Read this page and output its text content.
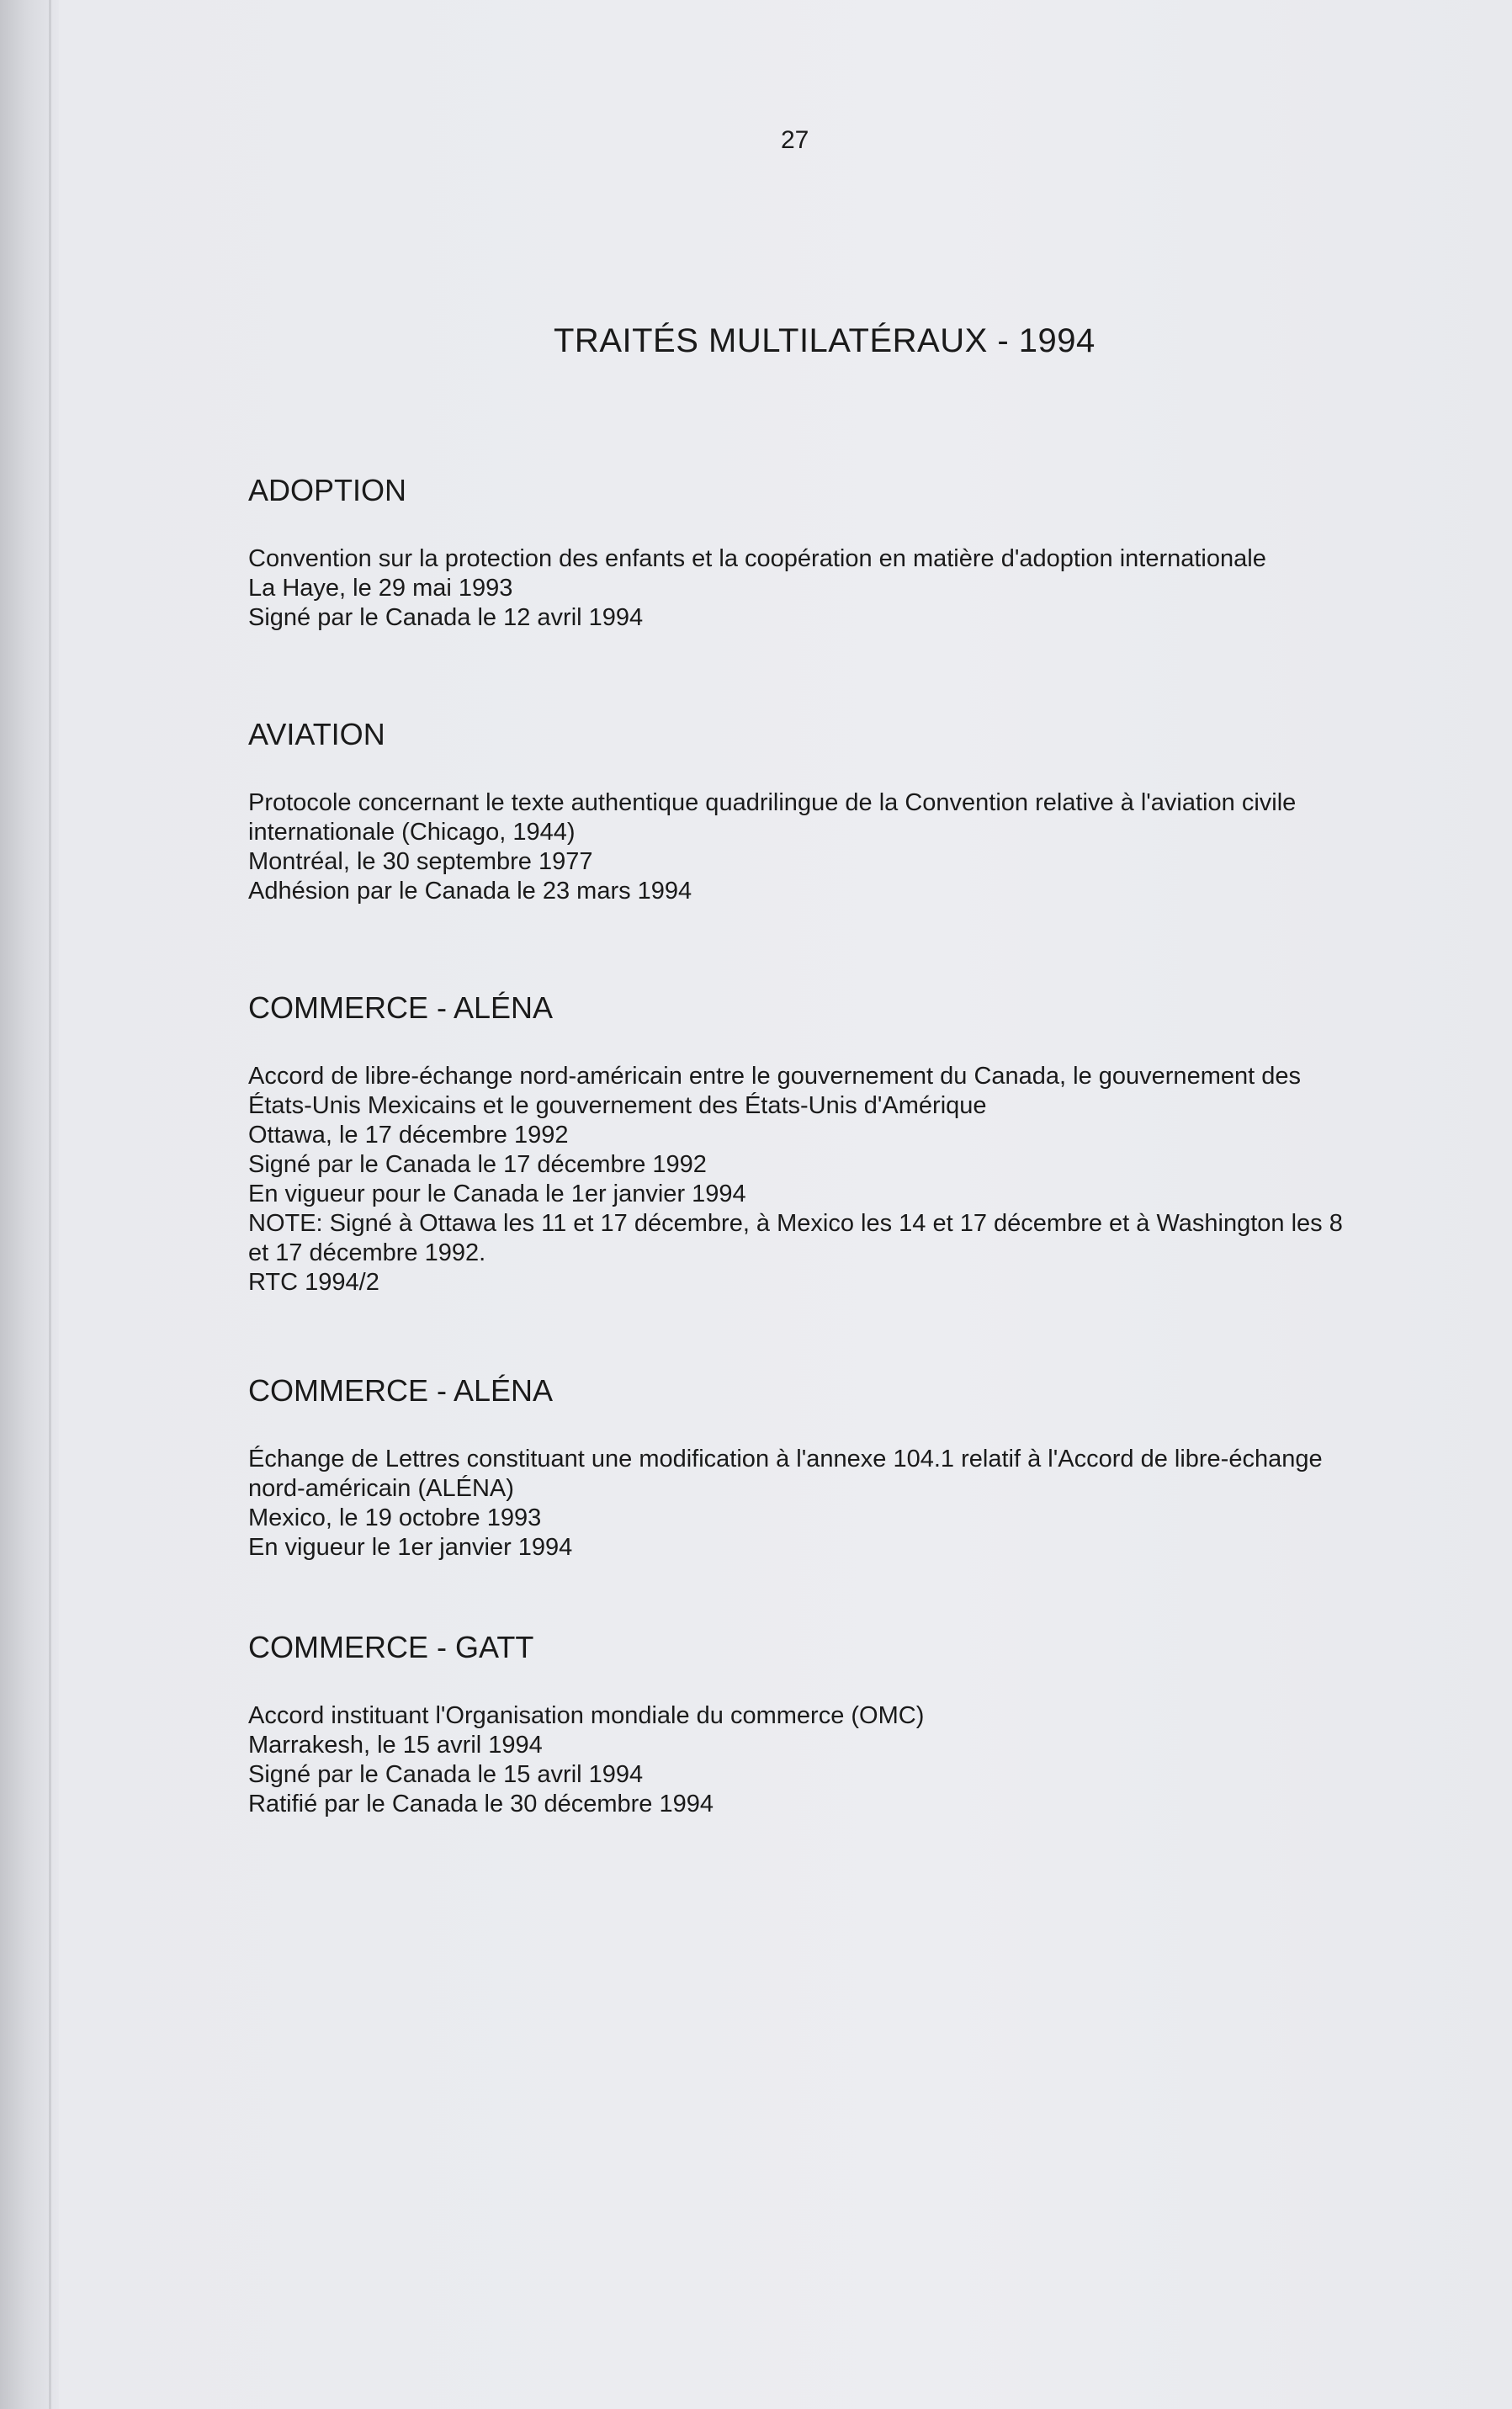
27
TRAITÉS MULTILATÉRAUX - 1994
ADOPTION

Convention sur la protection des enfants et la coopération en matière d'adoption internationale

La Haye, le 29 mai 1993

Signé par le Canada le 12 avril 1994

AVIATION

Protocole concernant le texte authentique quadrilingue de la Convention relative à l'aviation civile

internationale (Chicago, 1944)

Montréal, le 30 septembre 1977

Adhésion par le Canada le 23 mars 1994

COMMERCE - ALÉNA

Accord de libre-échange nord-américain entre le gouvernement du Canada, le gouvernement des

États-Unis Mexicains et le gouvernement des États-Unis d'Amérique

Ottawa, le 17 décembre 1992

Signé par le Canada le 17 décembre 1992

En vigueur pour le Canada le 1er janvier 1994

NOTE: Signé à Ottawa les 11 et 17 décembre, à Mexico les 14 et 17 décembre et à Washington les 8

et 17 décembre 1992.

RTC 1994/2

COMMERCE - ALÉNA

Échange de Lettres constituant une modification à l'annexe 104.1 relatif à l'Accord de libre-échange

nord-américain (ALÉNA)

Mexico, le 19 octobre 1993

En vigueur le 1er janvier 1994

COMMERCE - GATT

Accord instituant l'Organisation mondiale du commerce (OMC)

Marrakesh, le 15 avril 1994

Signé par le Canada le 15 avril 1994

Ratifié par le Canada le 30 décembre 1994
